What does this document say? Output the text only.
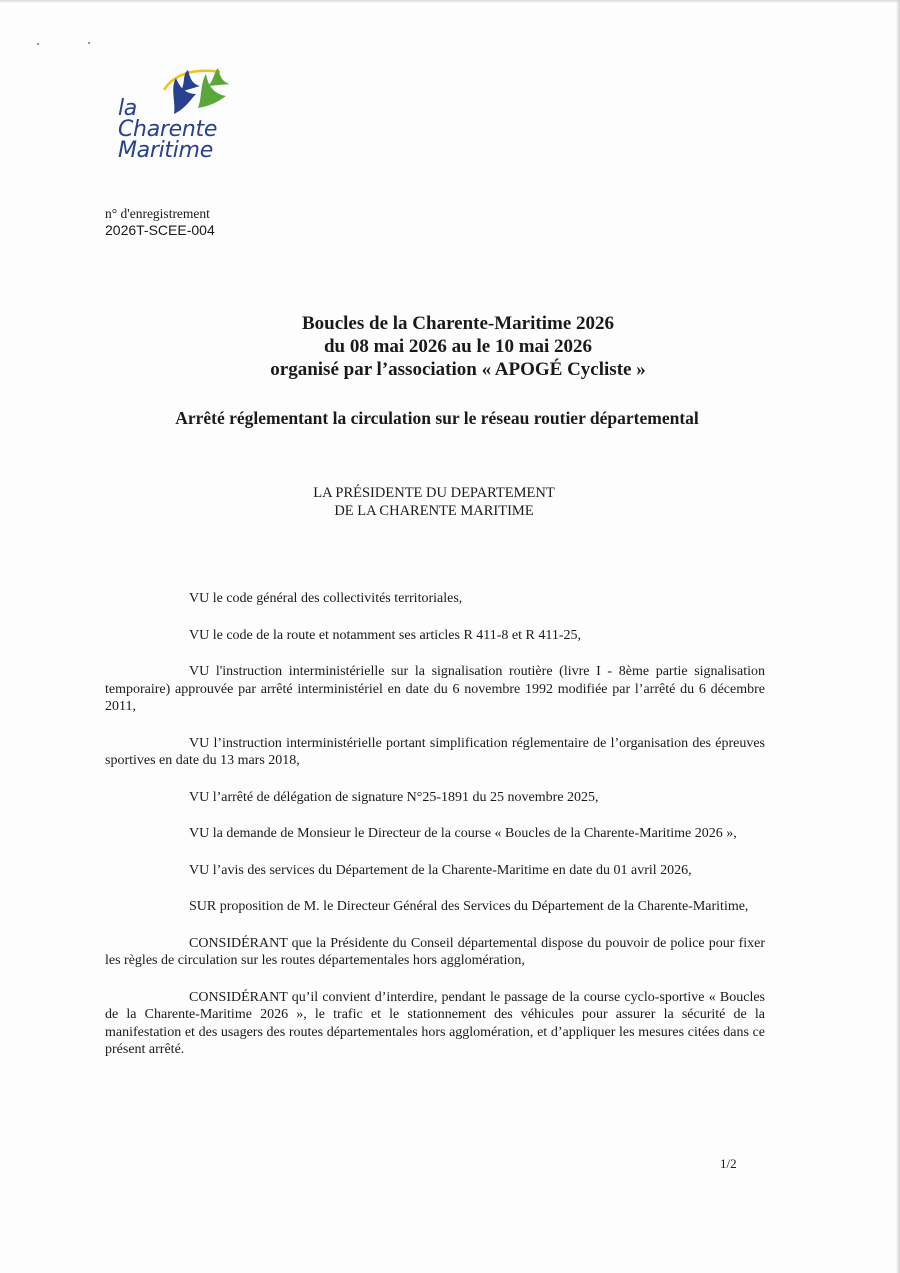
la
Charente
Maritime
n° d'enregistrement
2026T-SCEE-004
Boucles de la Charente-Maritime 2026
du 08 mai 2026 au le 10 mai 2026
organisé par l’association « APOGÉ Cycliste »
Arrêté réglementant la circulation sur le réseau routier départemental
LA PRÉSIDENTE DU DEPARTEMENT
DE LA CHARENTE MARITIME

VU le code général des collectivités territoriales,

VU le code de la route et notamment ses articles R 411-8 et R 411-25,

VU l'instruction interministérielle sur la signalisation routière (livre I - 8ème partie signalisation temporaire) approuvée par arrêté interministériel en date du 6 novembre 1992 modifiée par l’arrêté du 6 décembre 2011,

VU l’instruction interministérielle portant simplification réglementaire de l’organisation des épreuves sportives en date du 13 mars 2018,

VU l’arrêté de délégation de signature N°25-1891 du 25 novembre 2025,

VU la demande de Monsieur le Directeur de la course « Boucles de la Charente-Maritime 2026 »,

VU l’avis des services du Département de la Charente-Maritime en date du 01 avril 2026,

SUR proposition de M. le Directeur Général des Services du Département de la Charente-Maritime,

CONSIDÉRANT que la Présidente du Conseil départemental dispose du pouvoir de police pour fixer les règles de circulation sur les routes départementales hors agglomération,

CONSIDÉRANT qu’il convient d’interdire, pendant le passage de la course cyclo-sportive « Boucles de la Charente-Maritime 2026 », le trafic et le stationnement des véhicules pour assurer la sécurité de la manifestation et des usagers des routes départementales hors agglomération, et d’appliquer les mesures citées dans ce présent arrêté.

1/2
